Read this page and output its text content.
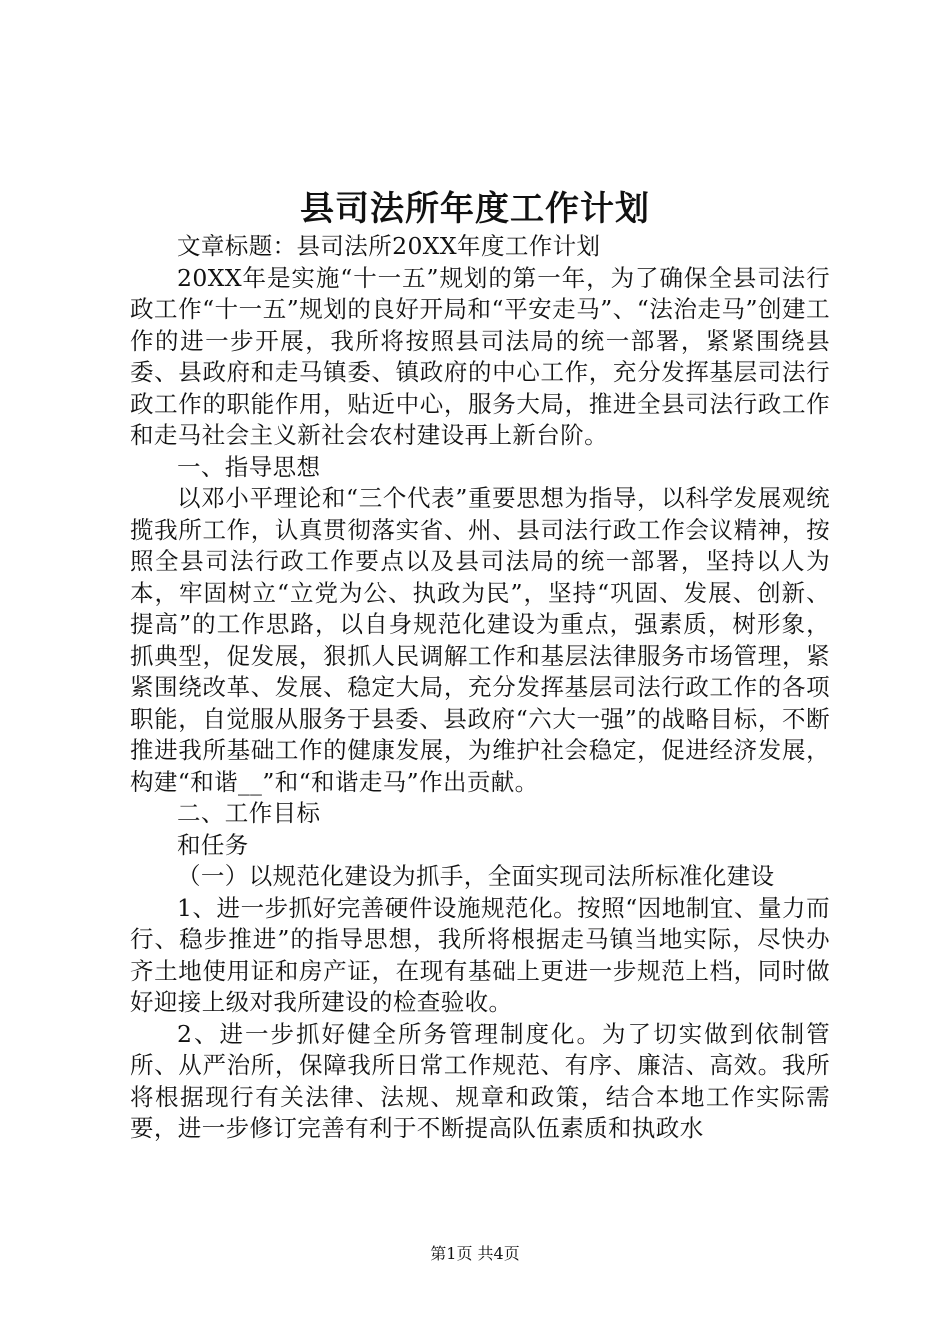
县司法所年度工作计划

文章标题：县司法所20XX年度工作计划

20XX年是实施“十一五”规划的第一年，为了确保全县司法行政工作“十一五”规划的良好开局和“平安走马”、“法治走马”创建工作的进一步开展，我所将按照县司法局的统一部署，紧紧围绕县委、县政府和走马镇委、镇政府的中心工作，充分发挥基层司法行政工作的职能作用，贴近中心，服务大局，推进全县司法行政工作和走马社会主义新社会农村建设再上新台阶。

一、指导思想

以邓小平理论和“三个代表”重要思想为指导，以科学发展观统揽我所工作，认真贯彻落实省、州、县司法行政工作会议精神，按照全县司法行政工作要点以及县司法局的统一部署，坚持以人为本，牢固树立“立党为公、执政为民”，坚持“巩固、发展、创新、提高”的工作思路，以自身规范化建设为重点，强素质，树形象，抓典型，促发展，狠抓人民调解工作和基层法律服务市场管理，紧紧围绕改革、发展、稳定大局，充分发挥基层司法行政工作的各项职能，自觉服从服务于县委、县政府“六大一强”的战略目标，不断推进我所基础工作的健康发展，为维护社会稳定，促进经济发展，构建“和谐__”和“和谐走马”作出贡献。

二、工作目标

和任务

（一）以规范化建设为抓手，全面实现司法所标准化建设

1、进一步抓好完善硬件设施规范化。按照“因地制宜、量力而行、稳步推进”的指导思想，我所将根据走马镇当地实际，尽快办齐土地使用证和房产证，在现有基础上更进一步规范上档，同时做好迎接上级对我所建设的检查验收。

2、进一步抓好健全所务管理制度化。为了切实做到依制管所、从严治所，保障我所日常工作规范、有序、廉洁、高效。我所将根据现行有关法律、法规、规章和政策，结合本地工作实际需要，进一步修订完善有利于不断提高队伍素质和执政水

第1页 共4页
